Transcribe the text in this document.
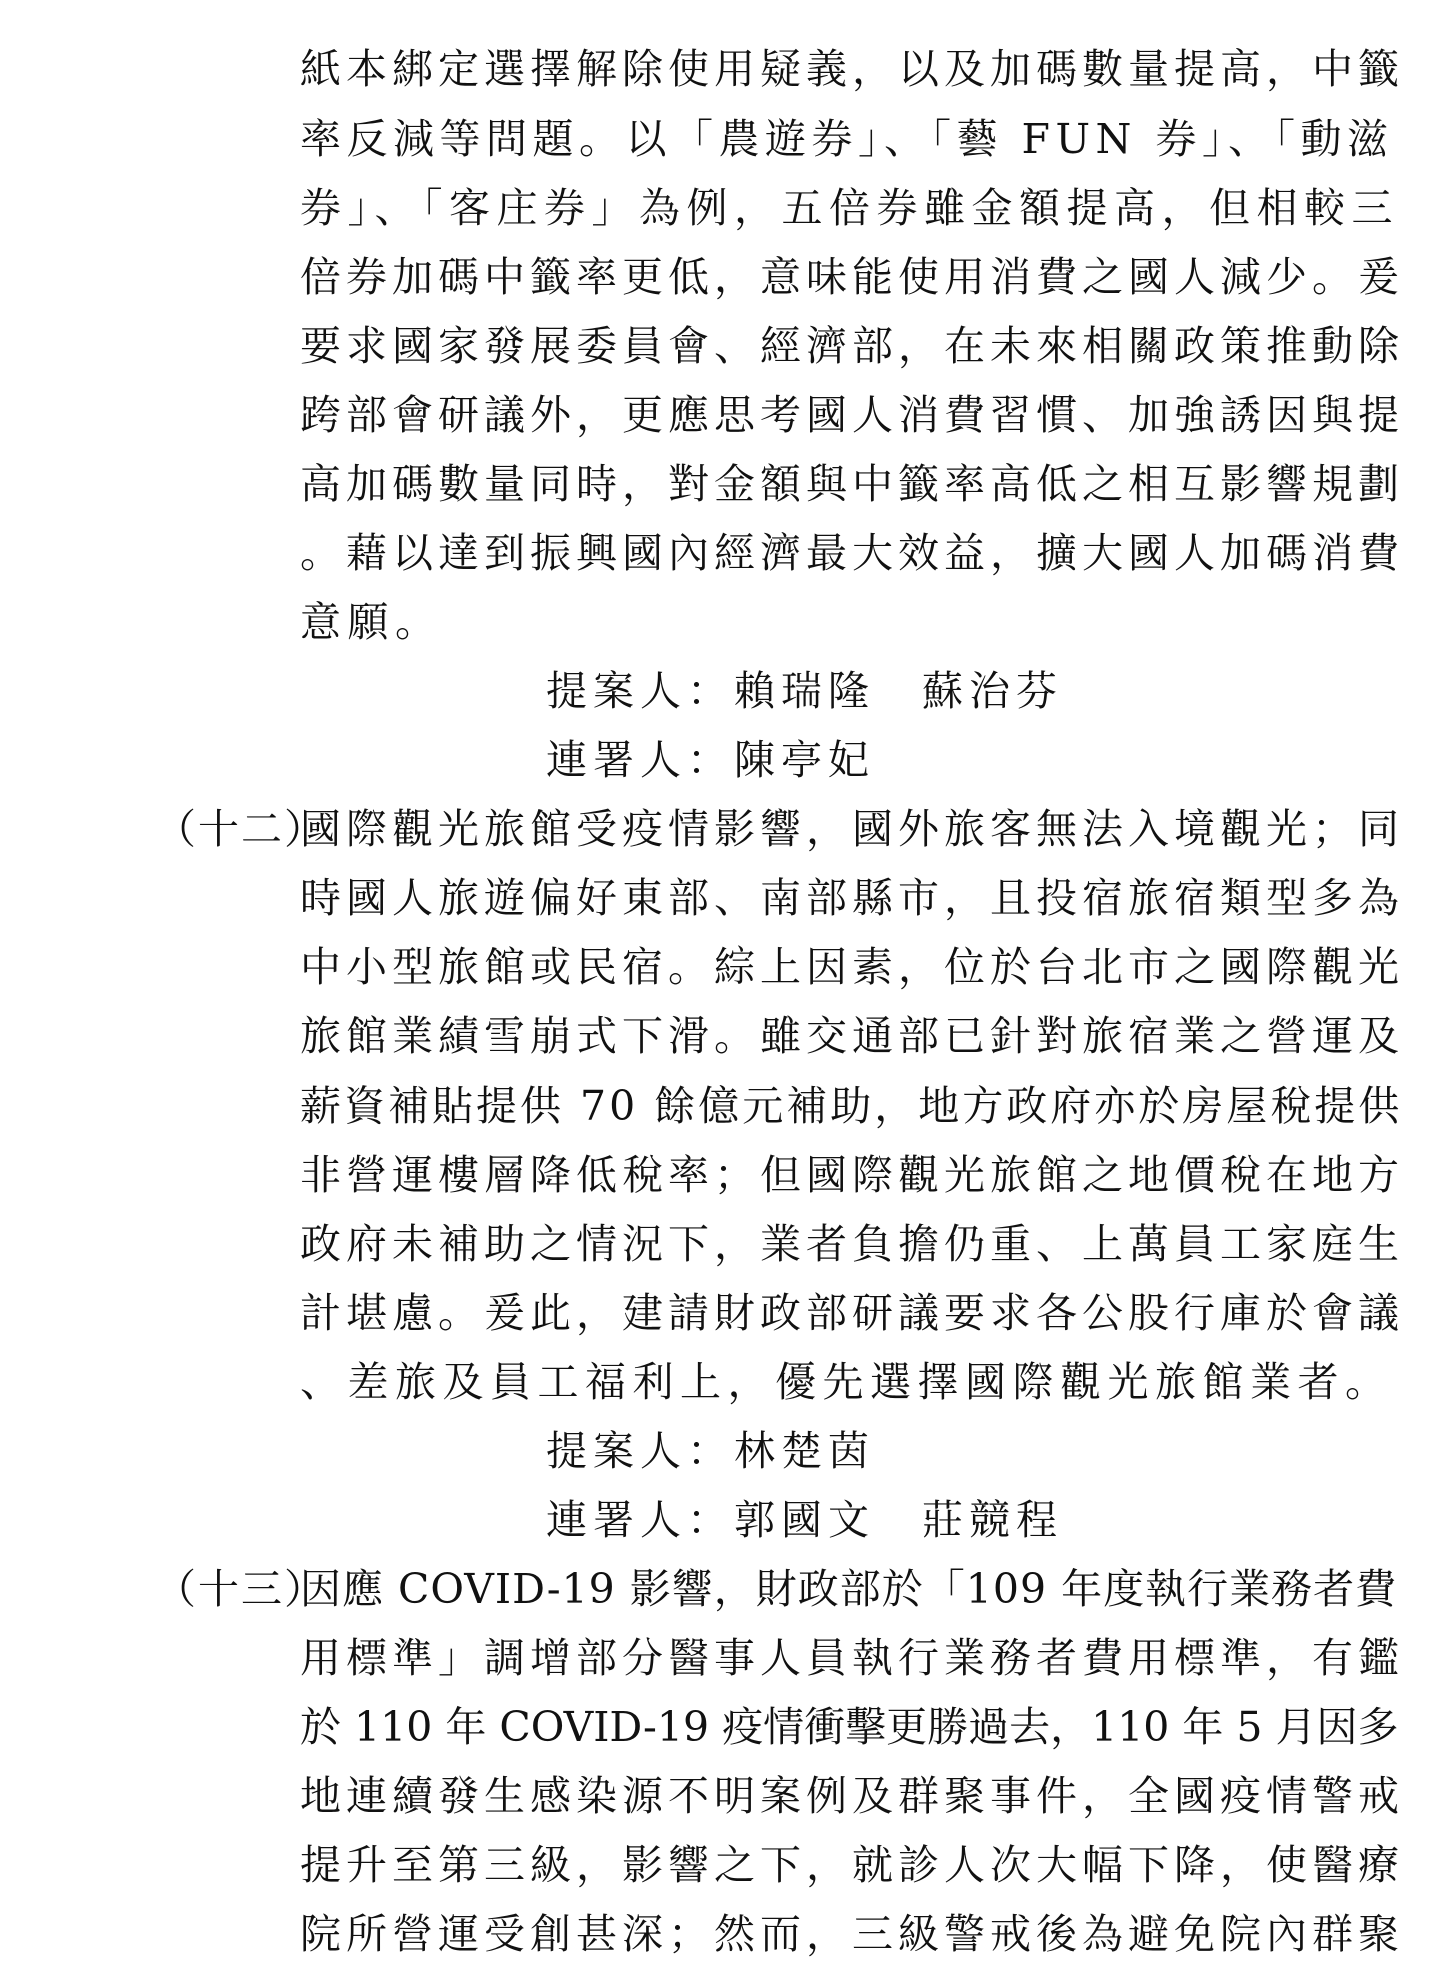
紙本綁定選擇解除使用疑義，以及加碼數量提高，中籤
率反減等問題。以「農遊券」、「藝 FUN 券」、「動滋
券」、「客庄券」為例，五倍券雖金額提高，但相較三
倍券加碼中籤率更低，意味能使用消費之國人減少。爰
要求國家發展委員會、經濟部，在未來相關政策推動除
跨部會研議外，更應思考國人消費習慣、加強誘因與提
高加碼數量同時，對金額與中籤率高低之相互影響規劃
。藉以達到振興國內經濟最大效益，擴大國人加碼消費
意願。
提案人：賴瑞隆　蘇治芬
連署人：陳亭妃
（十二）
國際觀光旅館受疫情影響，國外旅客無法入境觀光；同
時國人旅遊偏好東部、南部縣市，且投宿旅宿類型多為
中小型旅館或民宿。綜上因素，位於台北市之國際觀光
旅館業績雪崩式下滑。雖交通部已針對旅宿業之營運及
薪資補貼提供 70 餘億元補助，地方政府亦於房屋稅提供
非營運樓層降低稅率；但國際觀光旅館之地價稅在地方
政府未補助之情況下，業者負擔仍重、上萬員工家庭生
計堪慮。爰此，建請財政部研議要求各公股行庫於會議
、差旅及員工福利上，優先選擇國際觀光旅館業者。
提案人：林楚茵
連署人：郭國文　莊競程
（十三）
因應 COVID-19 影響，財政部於「109 年度執行業務者費
用標準」調增部分醫事人員執行業務者費用標準，有鑑
於 110 年 COVID-19 疫情衝擊更勝過去，110 年 5 月因多
地連續發生感染源不明案例及群聚事件，全國疫情警戒
提升至第三級，影響之下，就診人次大幅下降，使醫療
院所營運受創甚深；然而，三級警戒後為避免院內群聚
